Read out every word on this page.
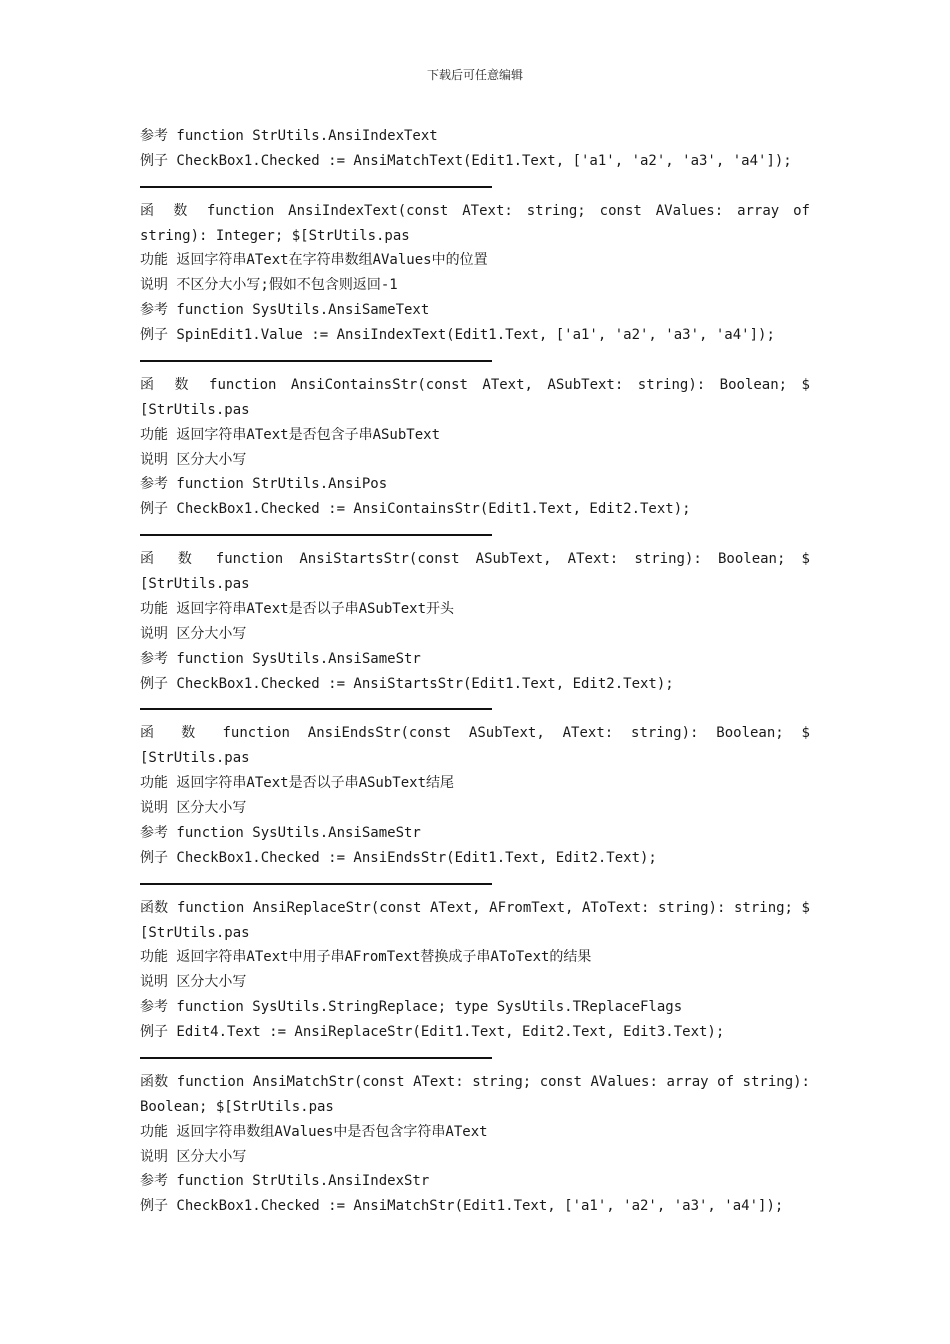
下载后可任意编辑
参考 function StrUtils.AnsiIndexText
例子 CheckBox1.Checked := AnsiMatchText(Edit1.Text, ['a1', 'a2', 'a3', 'a4']);
函 数 function AnsiIndexText(const AText: string; const AValues: array of
string): Integer; $[StrUtils.pas
功能 返回字符串AText在字符串数组AValues中的位置
说明 不区分大小写;假如不包含则返回-1
参考 function SysUtils.AnsiSameText
例子 SpinEdit1.Value := AnsiIndexText(Edit1.Text, ['a1', 'a2', 'a3', 'a4']);
函 数 function AnsiContainsStr(const AText, ASubText: string): Boolean; $
[StrUtils.pas
功能 返回字符串AText是否包含子串ASubText
说明 区分大小写
参考 function StrUtils.AnsiPos
例子 CheckBox1.Checked := AnsiContainsStr(Edit1.Text, Edit2.Text);
函 数 function AnsiStartsStr(const ASubText, AText: string): Boolean; $
[StrUtils.pas
功能 返回字符串AText是否以子串ASubText开头
说明 区分大小写
参考 function SysUtils.AnsiSameStr
例子 CheckBox1.Checked := AnsiStartsStr(Edit1.Text, Edit2.Text);
函 数 function AnsiEndsStr(const ASubText, AText: string): Boolean; $
[StrUtils.pas
功能 返回字符串AText是否以子串ASubText结尾
说明 区分大小写
参考 function SysUtils.AnsiSameStr
例子 CheckBox1.Checked := AnsiEndsStr(Edit1.Text, Edit2.Text);
函数 function AnsiReplaceStr(const AText, AFromText, AToText: string): string; $
[StrUtils.pas
功能 返回字符串AText中用子串AFromText替换成子串AToText的结果
说明 区分大小写
参考 function SysUtils.StringReplace; type SysUtils.TReplaceFlags
例子 Edit4.Text := AnsiReplaceStr(Edit1.Text, Edit2.Text, Edit3.Text);
函数 function AnsiMatchStr(const AText: string; const AValues: array of string):
Boolean; $[StrUtils.pas
功能 返回字符串数组AValues中是否包含字符串AText
说明 区分大小写
参考 function StrUtils.AnsiIndexStr
例子 CheckBox1.Checked := AnsiMatchStr(Edit1.Text, ['a1', 'a2', 'a3', 'a4']);
